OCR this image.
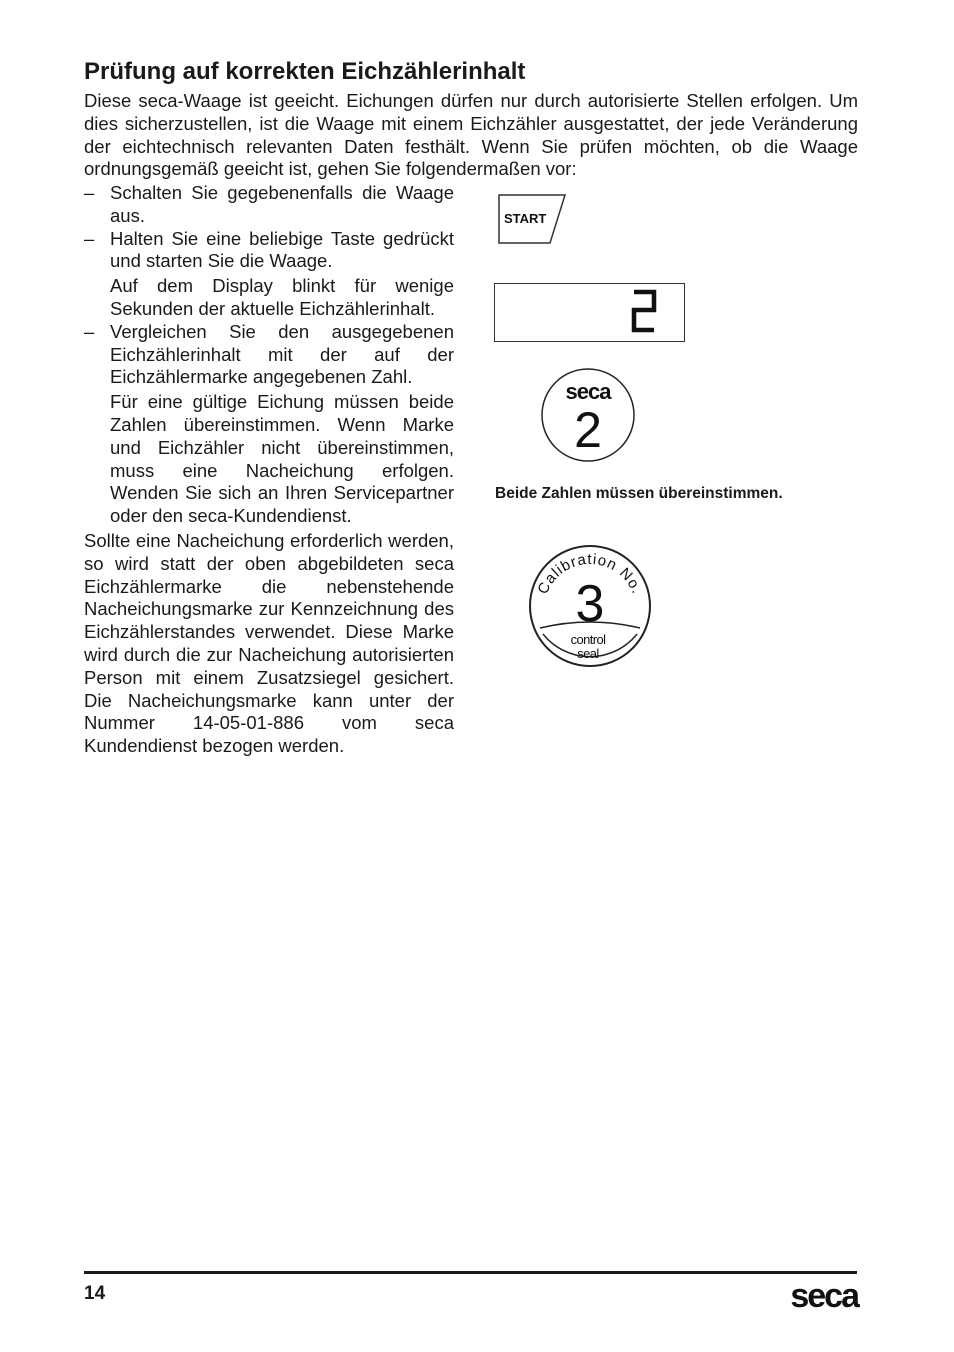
Prüfung auf korrekten Eichzählerinhalt

Diese seca-Waage ist geeicht. Eichungen dürfen nur durch autorisierte Stellen erfolgen. Um dies sicherzustellen, ist die Waage mit einem Eichzähler ausgestattet, der jede Veränderung der eichtechnisch relevanten Daten festhält. Wenn Sie prüfen möchten, ob die Waage ordnungsgemäß geeicht ist, gehen Sie folgendermaßen vor:

– Schalten Sie gegebenenfalls die Waage aus.

– Halten Sie eine beliebige Taste gedrückt und starten Sie die Waage.

Auf dem Display blinkt für wenige Sekunden der aktuelle Eichzählerinhalt.

– Vergleichen Sie den ausgegebenen Eichzählerinhalt mit der auf der Eichzählermarke angegebenen Zahl.

Für eine gültige Eichung müssen beide Zahlen übereinstimmen. Wenn Marke und Eichzähler nicht übereinstimmen, muss eine Nacheichung erfolgen. Wenden Sie sich an Ihren Servicepartner oder den seca-Kundendienst.

Sollte eine Nacheichung erforderlich werden, so wird statt der oben abgebildeten seca Eichzählermarke die nebenstehende Nacheichungsmarke zur Kennzeichnung des Eichzählerstandes verwendet. Diese Marke wird durch die zur Nacheichung autorisierten Person mit einem Zusatzsiegel gesichert. Die Nacheichungsmarke kann unter der Nummer 14-05-01-886 vom seca Kundendienst bezogen werden.

START
seca
2

Beide Zahlen müssen übereinstimmen.

Calibration No.
3
control
seal

14	seca
